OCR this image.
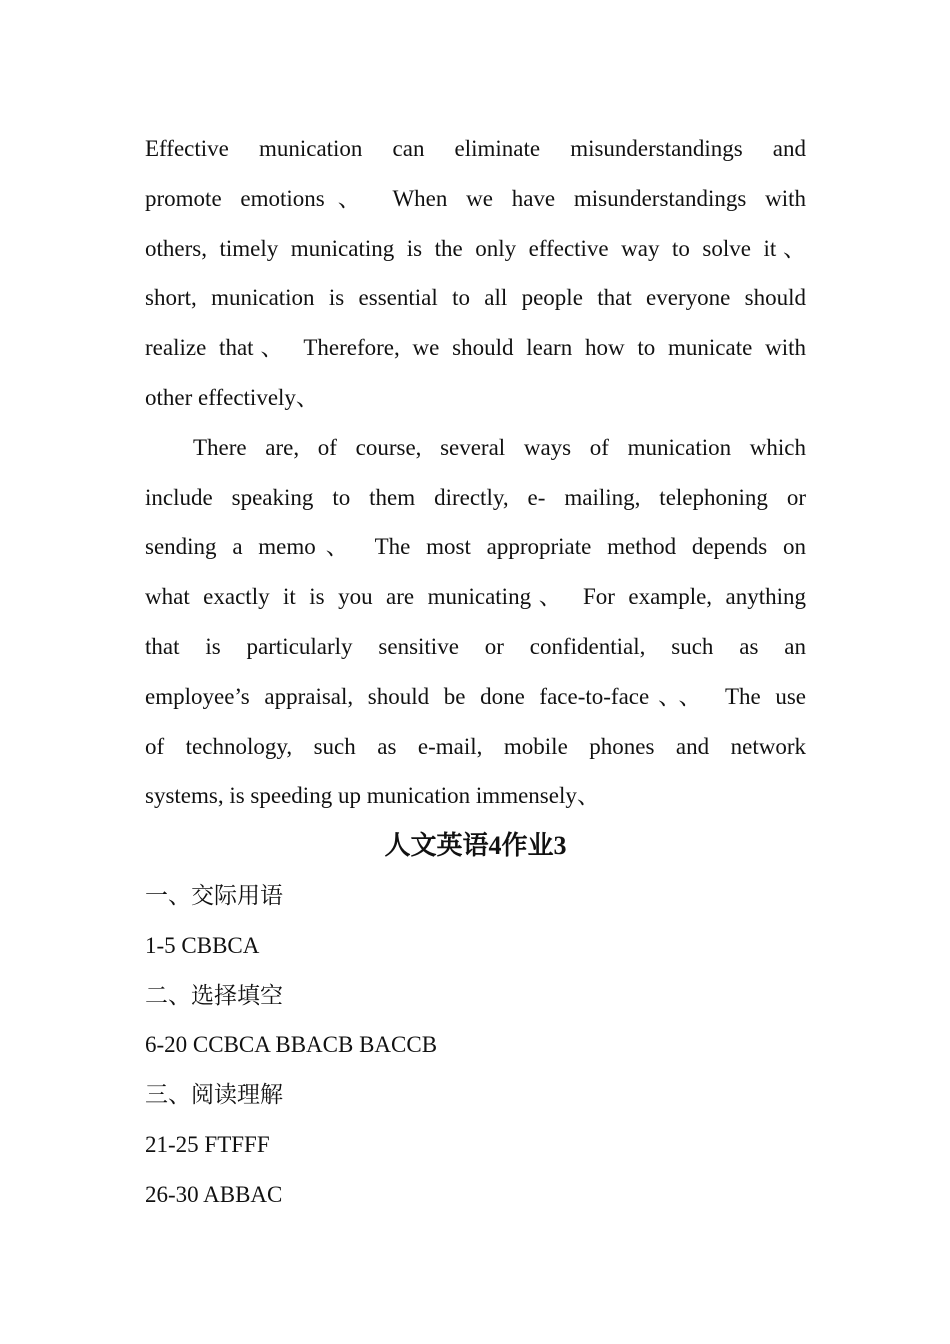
Effective munication can eliminate misunderstandings and
promote emotions、 When we have misunderstandings with
others, timely municating is the only effective way to solve it、
short, munication is essential to all people that everyone should
realize that、 Therefore, we should learn how to municate with
other effectively、
There are, of course, several ways of munication which
include speaking to them directly, e- mailing, telephoning or
sending a memo、 The most appropriate method depends on
what exactly it is you are municating、 For example, anything
that is particularly sensitive or confidential, such as an
employee’s appraisal, should be done face-to-face、、 The use
of technology, such as e-mail, mobile phones and network
systems, is speeding up munication immensely、
人文英语4作业3
一、交际用语
1-5 CBBCA
二、选择填空
6-20 CCBCA BBACB BACCB
三、阅读理解
21-25 FTFFF
26-30 ABBAC
